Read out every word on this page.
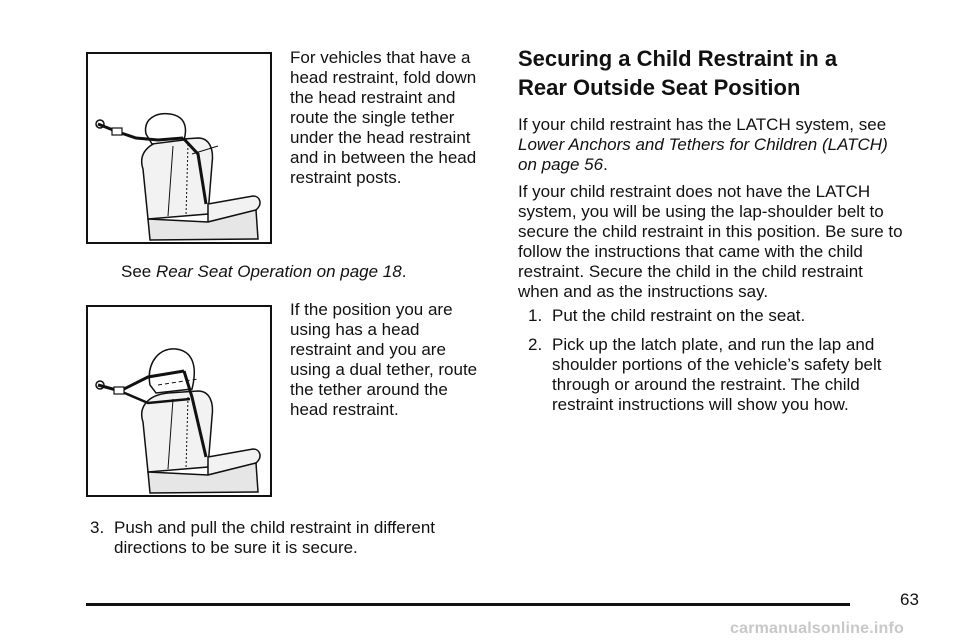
For vehicles that have a head restraint, fold down the head restraint and route the single tether under the head restraint and in between the head restraint posts.

See Rear Seat Operation on page 18.

If the position you are using has a head restraint and you are using a dual tether, route the tether around the head restraint.

3. Push and pull the child restraint in different directions to be sure it is secure.
Securing a Child Restraint in a Rear Outside Seat Position

If your child restraint has the LATCH system, see Lower Anchors and Tethers for Children (LATCH) on page 56.

If your child restraint does not have the LATCH system, you will be using the lap-shoulder belt to secure the child restraint in this position. Be sure to follow the instructions that came with the child restraint. Secure the child in the child restraint when and as the instructions say.

1. Put the child restraint on the seat.
2. Pick up the latch plate, and run the lap and shoulder portions of the vehicle’s safety belt through or around the restraint. The child restraint instructions will show you how.
63
carmanualsonline.info
